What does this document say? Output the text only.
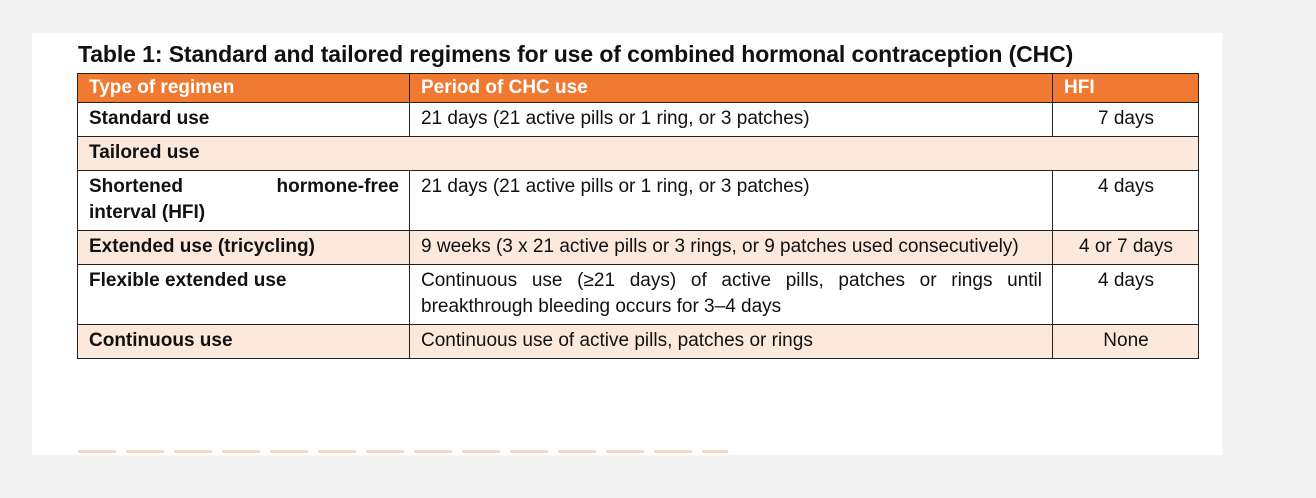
Table 1: Standard and tailored regimens for use of combined hormonal contraception (CHC)
Type of regimen	Period of CHC use	HFI
Standard use	21 days (21 active pills or 1 ring, or 3 patches)	7 days
Tailored use		

Shortened hormone-free
interval (HFI)	21 days (21 active pills or 1 ring, or 3 patches)	4 days
Extended use (tricycling)	9 weeks (3 x 21 active pills or 3 rings, or 9 patches used consecutively)	4 or 7 days
Flexible extended use	Continuous use (≥21 days) of active pills, patches or rings until breakthrough bleeding occurs for 3–4 days	4 days
Continuous use	Continuous use of active pills, patches or rings	None
